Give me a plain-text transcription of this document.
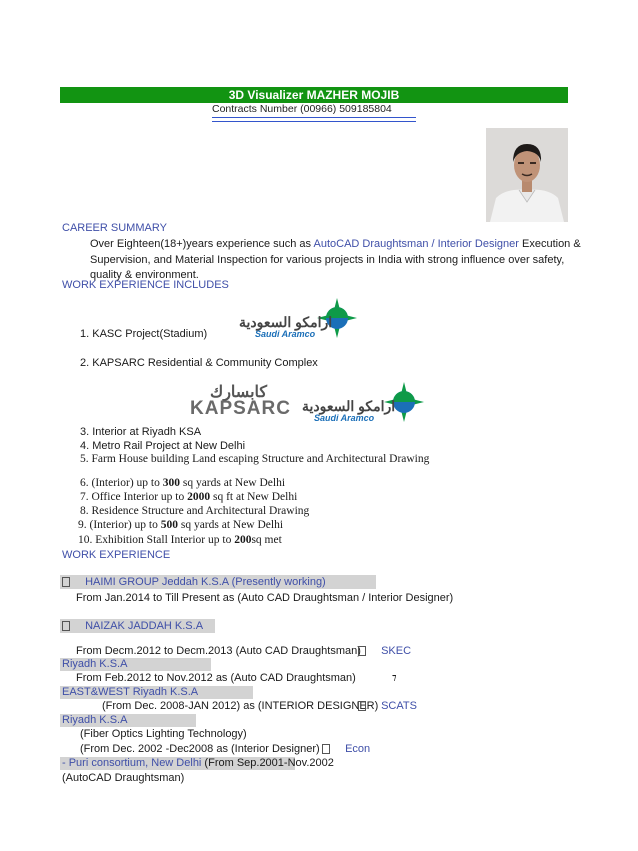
3D Visualizer MAZHER MOJIB
Contracts Number (00966) 509185804
CAREER SUMMARY
Over Eighteen(18+)years experience such as AutoCAD Draughtsman / Interior Designer Execution &
Supervision, and Material Inspection for various projects in India with strong influence over safety,
quality & environment.
WORK EXPERIENCE INCLUDES
ارامكو السعودية
Saudi Aramco
1. KASC Project(Stadium)
2. KAPSARC Residential & Community Complex
كابسارك
KAPSARC ارامكو السعودية
Saudi Aramco
3. Interior at Riyadh KSA
4. Metro Rail Project at New Delhi
5. Farm House building Land escaping Structure and Architectural Drawing
6. (Interior) up to 300 sq yards at New Delhi
7. Office Interior up to 2000 sq ft at New Delhi
8. Residence Structure and Architectural Drawing
9. (Interior) up to 500 sq yards at New Delhi
10. Exhibition Stall Interior up to 200sq met
WORK EXPERIENCE
HAIMI GROUP Jeddah K.S.A (Presently working)
From Jan.2014 to Till Present as (Auto CAD Draughtsman / Interior Designer)
NAIZAK JADDAH K.S.A
From Decm.2012 to Decm.2013 (Auto CAD Draughtsman)	SKEC
Riyadh K.S.A
From Feb.2012 to Nov.2012 as (Auto CAD Draughtsman)	⁊
EAST&WEST Riyadh K.S.A
(From Dec. 2008-JAN 2012) as (INTERIOR DESIGNER) SCATS
Riyadh K.S.A
(Fiber Optics Lighting Technology)
(From Dec. 2002 -Dec2008 as (Interior Designer)	Econ
- Puri consortium, New Delhi (From Sep.2001-Nov.2002
(AutoCAD Draughtsman)
